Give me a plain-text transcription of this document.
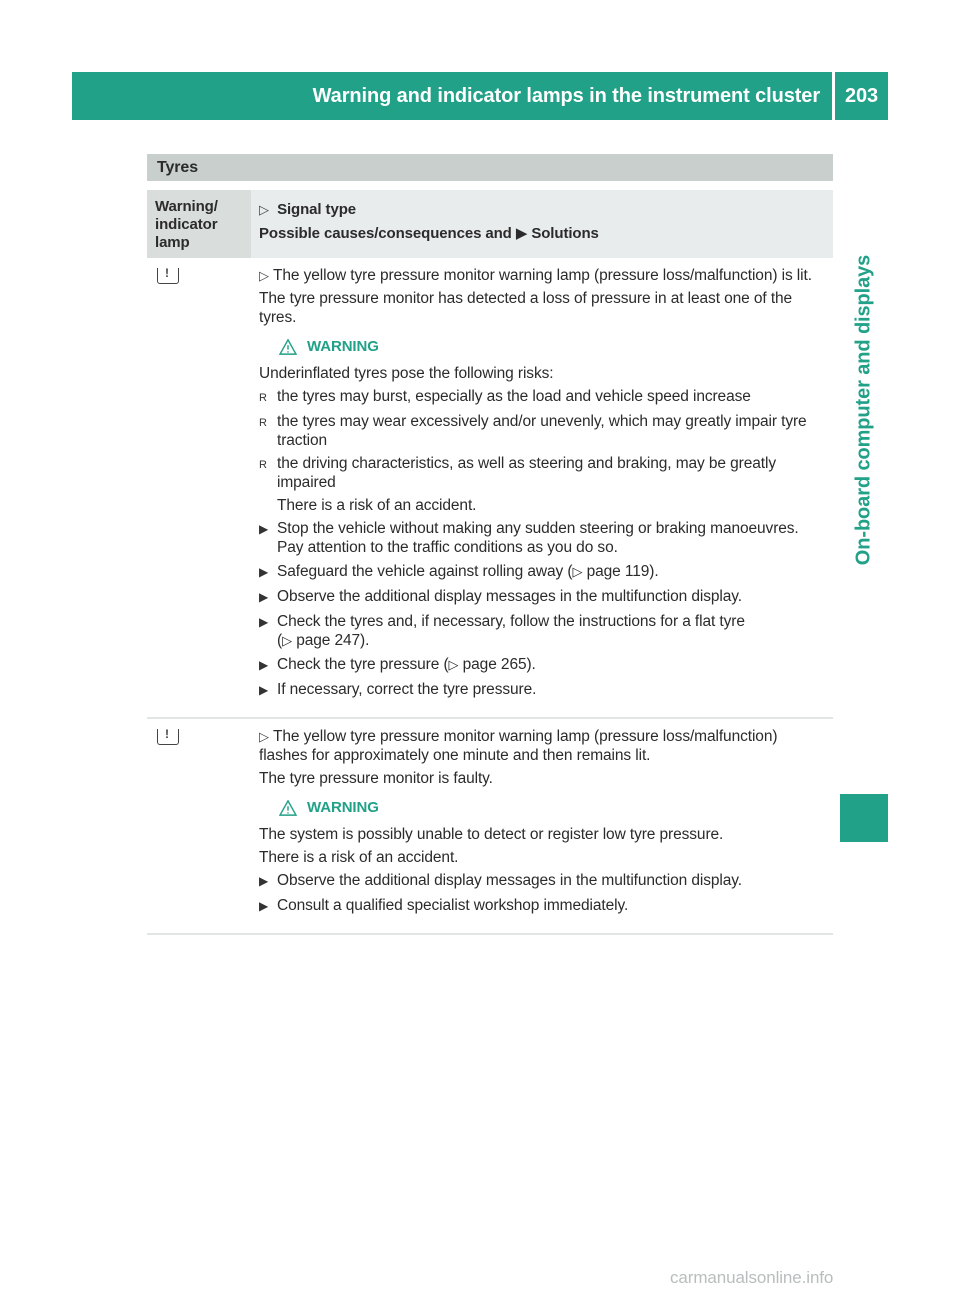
Warning and indicator lamps in the instrument cluster	203
On-board computer and displays
Tyres
Warning/
indicator
lamp
▷ Signal type
Possible causes/consequences and ▶ Solutions
!
▷ The yellow tyre pressure monitor warning lamp (pressure loss/malfunction) is lit.
The tyre pressure monitor has detected a loss of pressure in at least one of the tyres.
WARNING
Underinflated tyres pose the following risks:
R the tyres may burst, especially as the load and vehicle speed increase
R the tyres may wear excessively and/or unevenly, which may greatly impair tyre traction
R the driving characteristics, as well as steering and braking, may be greatly impaired
There is a risk of an accident.
▶ Stop the vehicle without making any sudden steering or braking manoeuvres. Pay attention to the traffic conditions as you do so.
▶ Safeguard the vehicle against rolling away (▷ page 119).
▶ Observe the additional display messages in the multifunction display.
▶ Check the tyres and, if necessary, follow the instructions for a flat tyre
(▷ page 247).
▶ Check the tyre pressure (▷ page 265).
▶ If necessary, correct the tyre pressure.
!
▷ The yellow tyre pressure monitor warning lamp (pressure loss/malfunction) flashes for approximately one minute and then remains lit.
The tyre pressure monitor is faulty.
WARNING
The system is possibly unable to detect or register low tyre pressure.
There is a risk of an accident.
▶ Observe the additional display messages in the multifunction display.
▶ Consult a qualified specialist workshop immediately.
carmanualsonline.info
